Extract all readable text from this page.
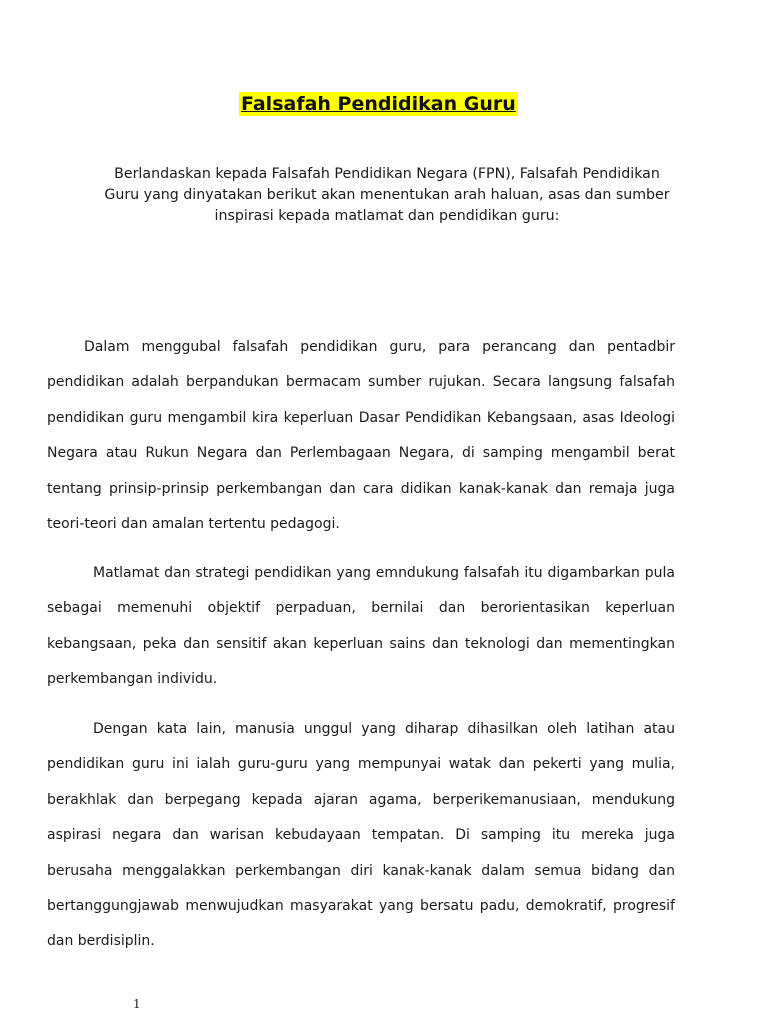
Falsafah Pendidikan Guru
Berlandaskan kepada Falsafah Pendidikan Negara (FPN), Falsafah Pendidikan Guru yang dinyatakan berikut akan menentukan arah haluan, asas dan sumber inspirasi kepada matlamat dan pendidikan guru:

Dalam menggubal falsafah pendidikan guru, para perancang dan pentadbir pendidikan adalah berpandukan bermacam sumber rujukan. Secara langsung falsafah pendidikan guru mengambil kira keperluan Dasar Pendidikan Kebangsaan, asas Ideologi Negara atau Rukun Negara dan Perlembagaan Negara, di samping mengambil berat tentang prinsip-prinsip perkembangan dan cara didikan kanak-kanak dan remaja juga teori-teori dan amalan tertentu pedagogi.

Matlamat dan strategi pendidikan yang emndukung falsafah itu digambarkan pula sebagai memenuhi objektif perpaduan, bernilai dan berorientasikan keperluan kebangsaan, peka dan sensitif akan keperluan sains dan teknologi dan mementingkan perkembangan individu.

Dengan kata lain, manusia unggul yang diharap dihasilkan oleh latihan atau pendidikan guru ini ialah guru-guru yang mempunyai watak dan pekerti yang mulia, berakhlak dan berpegang kepada ajaran agama, berperikemanusiaan, mendukung aspirasi negara dan warisan kebudayaan tempatan. Di samping itu mereka juga berusaha menggalakkan perkembangan diri kanak-kanak dalam semua bidang dan bertanggungjawab menwujudkan masyarakat yang bersatu padu, demokratif, progresif dan berdisiplin.

1
